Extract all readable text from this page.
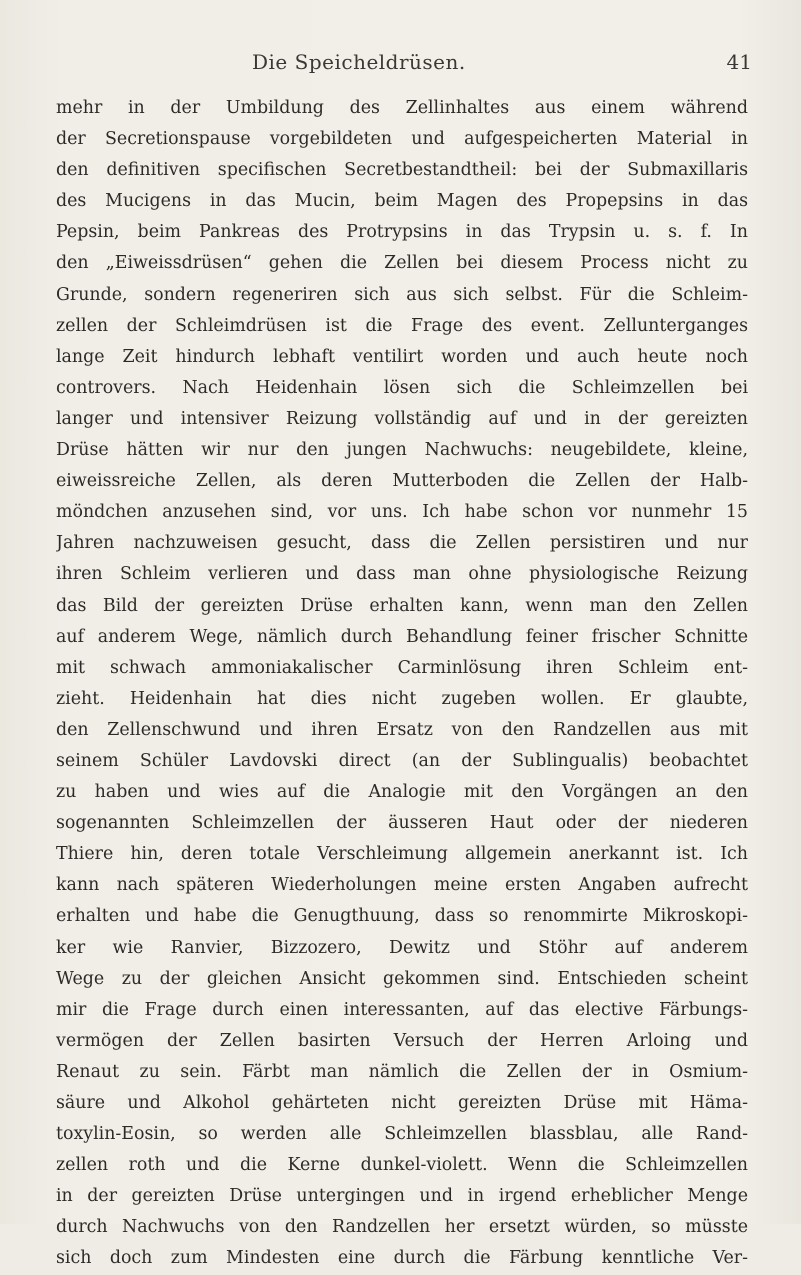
Die Speicheldrüsen.	41
mehr in der Umbildung des Zellinhaltes aus einem während
der Secretionspause vorgebildeten und aufgespeicherten Material in
den definitiven specifischen Secretbestandtheil: bei der Submaxillaris
des Mucigens in das Mucin, beim Magen des Propepsins in das
Pepsin, beim Pankreas des Protrypsins in das Trypsin u. s. f. In
den „Eiweissdrüsen“ gehen die Zellen bei diesem Process nicht zu
Grunde, sondern regeneriren sich aus sich selbst. Für die Schleim-
zellen der Schleimdrüsen ist die Frage des event. Zellunterganges
lange Zeit hindurch lebhaft ventilirt worden und auch heute noch
controvers. Nach Heidenhain lösen sich die Schleimzellen bei
langer und intensiver Reizung vollständig auf und in der gereizten
Drüse hätten wir nur den jungen Nachwuchs: neugebildete, kleine,
eiweissreiche Zellen, als deren Mutterboden die Zellen der Halb-
möndchen anzusehen sind, vor uns. Ich habe schon vor nunmehr 15
Jahren nachzuweisen gesucht, dass die Zellen persistiren und nur
ihren Schleim verlieren und dass man ohne physiologische Reizung
das Bild der gereizten Drüse erhalten kann, wenn man den Zellen
auf anderem Wege, nämlich durch Behandlung feiner frischer Schnitte
mit schwach ammoniakalischer Carminlösung ihren Schleim ent-
zieht. Heidenhain hat dies nicht zugeben wollen. Er glaubte,
den Zellenschwund und ihren Ersatz von den Randzellen aus mit
seinem Schüler Lavdovski direct (an der Sublingualis) beobachtet
zu haben und wies auf die Analogie mit den Vorgängen an den
sogenannten Schleimzellen der äusseren Haut oder der niederen
Thiere hin, deren totale Verschleimung allgemein anerkannt ist. Ich
kann nach späteren Wiederholungen meine ersten Angaben aufrecht
erhalten und habe die Genugthuung, dass so renommirte Mikroskopi-
ker wie Ranvier, Bizzozero, Dewitz und Stöhr auf anderem
Wege zu der gleichen Ansicht gekommen sind. Entschieden scheint
mir die Frage durch einen interessanten, auf das elective Färbungs-
vermögen der Zellen basirten Versuch der Herren Arloing und
Renaut zu sein. Färbt man nämlich die Zellen der in Osmium-
säure und Alkohol gehärteten nicht gereizten Drüse mit Häma-
toxylin-Eosin, so werden alle Schleimzellen blassblau, alle Rand-
zellen roth und die Kerne dunkel-violett. Wenn die Schleimzellen
in der gereizten Drüse untergingen und in irgend erheblicher Menge
durch Nachwuchs von den Randzellen her ersetzt würden, so müsste
sich doch zum Mindesten eine durch die Färbung kenntliche Ver-
